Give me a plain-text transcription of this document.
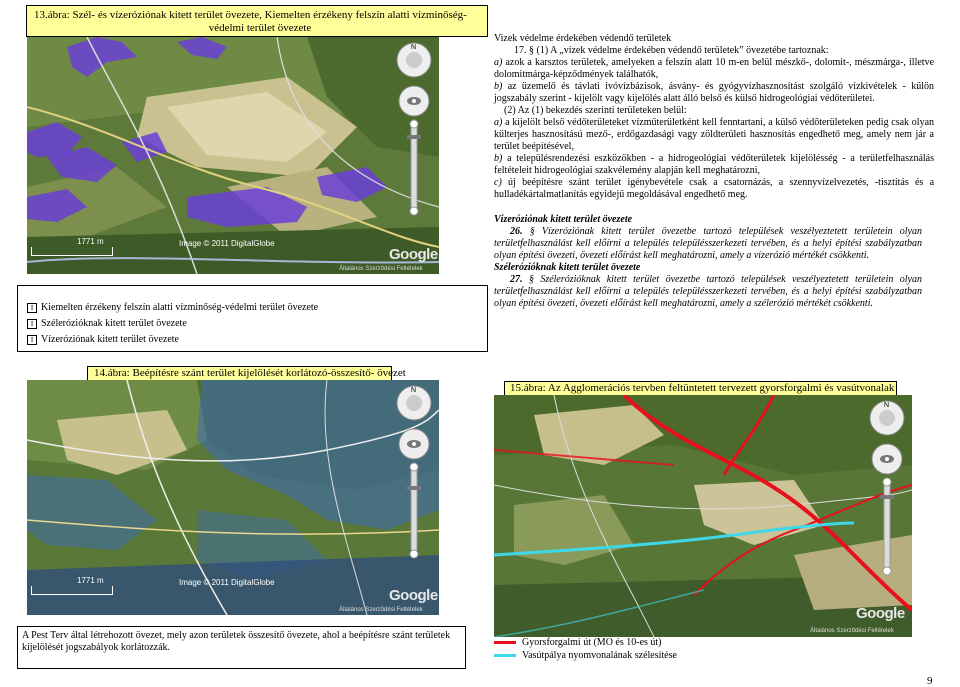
13.ábra: Szél- és vízeróziónak kitett terület övezete, Kiemelten érzékeny felszín alatti vízminőség-
védelmi terület övezete
N
1771 m	Image © 2011 DigitalGlobe
Google
Általános Szerződési Feltételek
I Kiemelten érzékeny felszín alatti vízminőség-védelmi terület övezete
I Szélerózióknak kitett terület övezete
I Vízeróziónak kitett terület övezete

Vizek védelme érdekében védendő területek

17. § (1) A „vizek védelme érdekében védendő területek” övezetébe tartoznak:

a) azok a karsztos területek, amelyeken a felszín alatt 10 m-en belül mészkő-, dolomit-, mészmárga-, illetve dolomitmárga-képződmények találhatók,

b) az üzemelő és távlati ivóvízbázisok, ásvány- és gyógyvízhasznosítást szolgáló vízkivételek - külön jogszabály szerint - kijelölt vagy kijelölés alatt álló belső és külső hidrogeológiai védőterületei.

(2) Az (1) bekezdés szerinti területeken belül:

a) a kijelölt belső védőterületeket vízműterületként kell fenntartani, a külső védőterületeken pedig csak olyan külterjes hasznosítású mező-, erdőgazdasági vagy zöldterületi hasznosítás engedhető meg, amely nem jár a terület beépítésével,

b) a településrendezési eszközökben - a hidrogeológiai védőterületek kijelölésség - a területfelhasználás feltételeit hidrogeológiai szakvélemény alapján kell meghatározni,

c) új beépítésre szánt terület igénybevétele csak a csatornázás, a szennyvízelvezetés, -tisztítás és a hulladékártalmatlanítás egyidejű megoldásával engedhető meg.

Vízeróziónak kitett terület övezete

26. § Vízeróziónak kitett terület övezetbe tartozó települések veszélyeztetett területein olyan területfelhasználást kell előírni a település településszerkezeti tervében, és a helyi építési szabályzatban olyan építési övezeti, övezeti előírást kell meghatározni, amely a vízerózió mértékét csökkenti.

Szélerózióknak kitett terület övezete

27. § Szélerózióknak kitett terület övezetbe tartozó települések veszélyeztetett területein olyan területfelhasználást kell előírni a település településszerkezeti tervében, és a helyi építési szabályzatban olyan építési övezeti, övezeti előírást kell meghatározni, amely a szélerózió mértékét csökkenti.

14.ábra: Beépítésre szánt terület kijelölését korlátozó-összesítő- övezet
N
1771 m	Image © 2011 DigitalGlobe
Google
Általános Szerződési Feltételek
A Pest Terv által létrehozott övezet, mely azon területek összesítő övezete, ahol a beépítésre szánt területek kijelölését jogszabályok korlátozzák.
15.ábra: Az Agglomerációs tervben feltüntetett tervezett gyorsforgalmi és vasútvonalak
N
Google
Általános Szerződési Feltételek
Gyorsforgalmi út (MO és 10-es út)
Vasútpálya nyomvonalának szélesítése
9
